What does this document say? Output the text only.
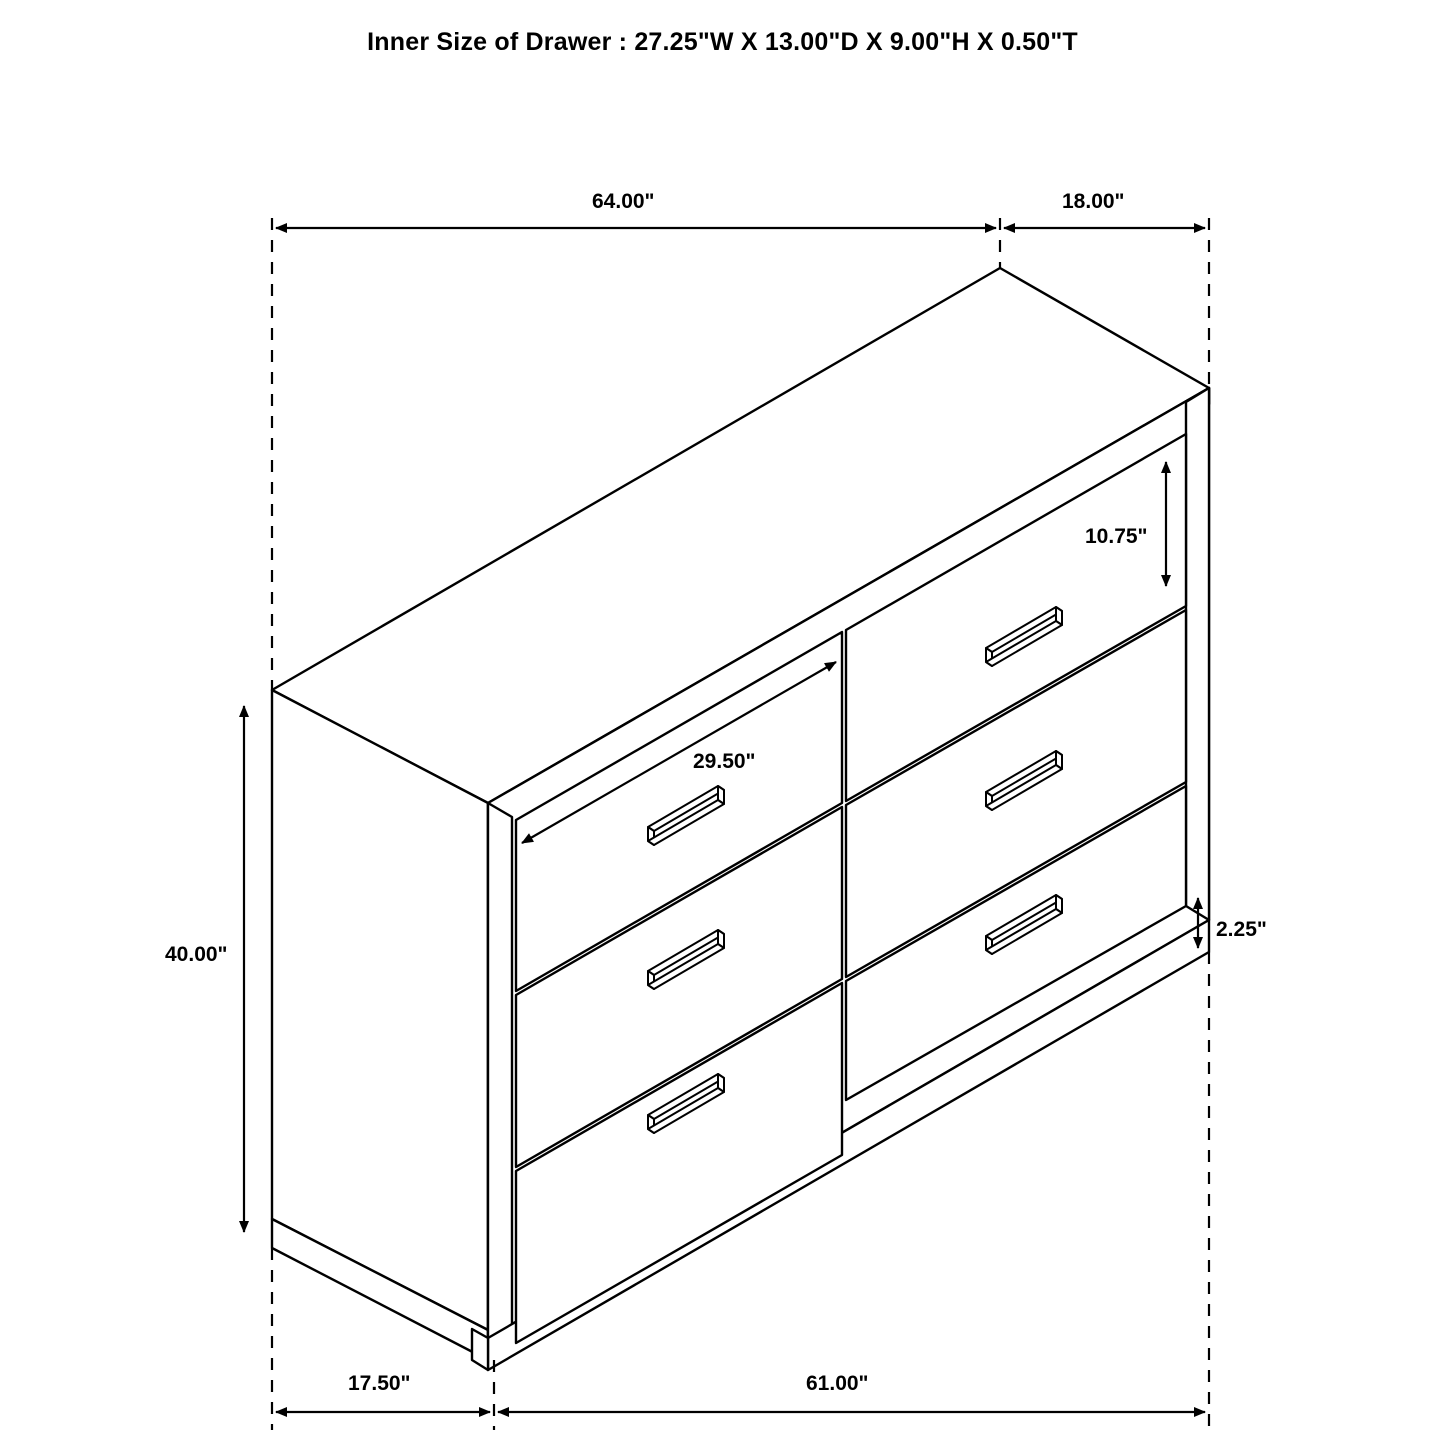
Inner Size of Drawer : 27.25"W X 13.00"D X 9.00"H X 0.50"T
64.00"	18.00"
10.75"
29.50"
40.00"
2.25"
17.50"	61.00"
